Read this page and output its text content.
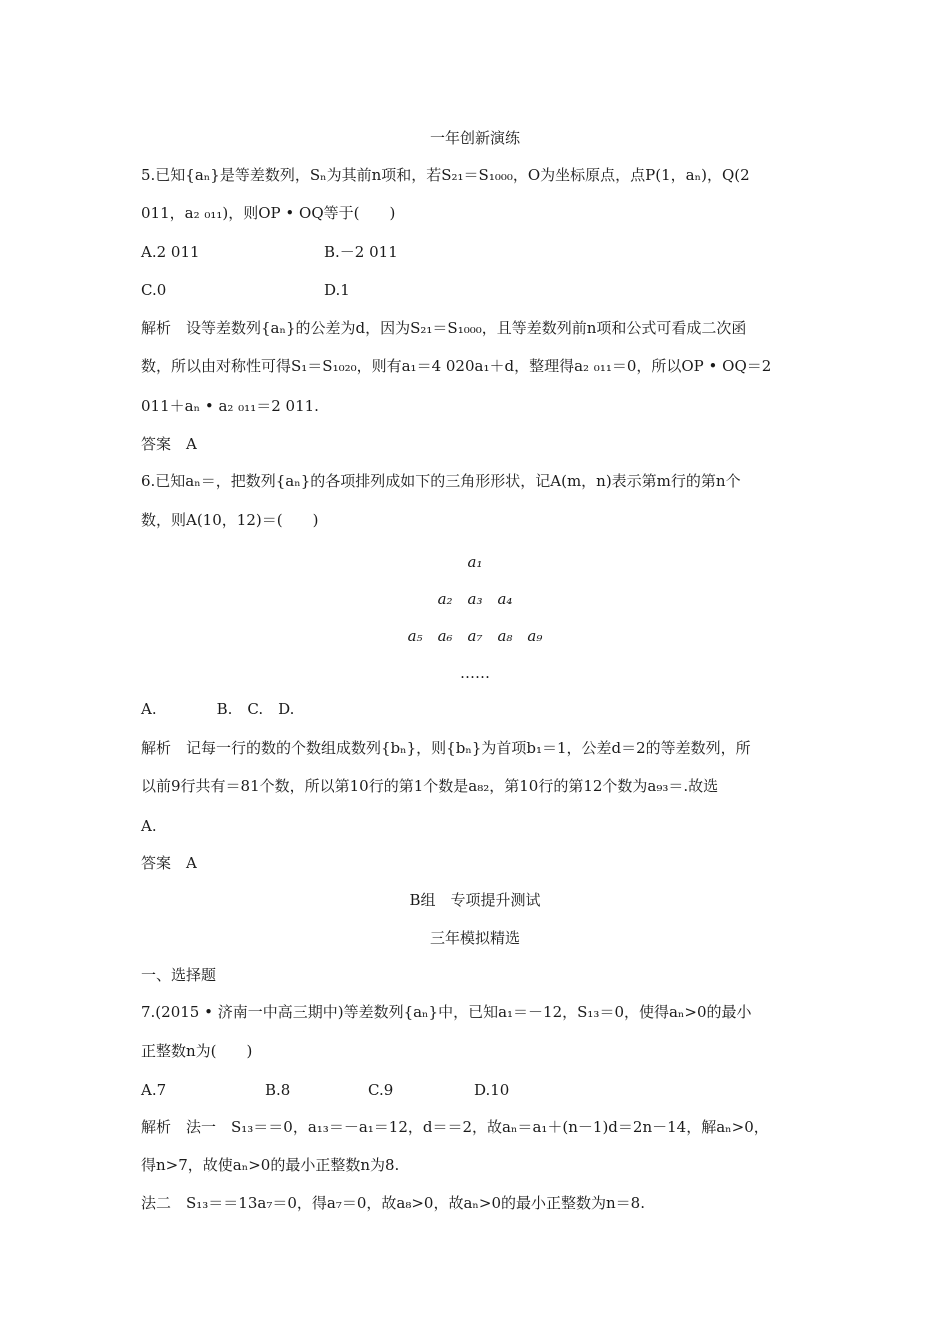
一年创新演练
5.已知{aₙ}是等差数列，Sₙ为其前n项和，若S₂₁＝S₁₀₀₀，O为坐标原点，点P(1，aₙ)，Q(2
011，a₂ ₀₁₁)，则OP • OQ等于(　　)
A.2 011	B.－2 011
C.0	D.1
解析　设等差数列{aₙ}的公差为d，因为S₂₁＝S₁₀₀₀，且等差数列前n项和公式可看成二次函
数，所以由对称性可得S₁＝S₁₀₂₀，则有a₁＝4 020a₁＋d，整理得a₂ ₀₁₁＝0，所以OP • OQ＝2
011＋aₙ • a₂ ₀₁₁＝2 011.
答案　A
6.已知aₙ＝，把数列{aₙ}的各项排列成如下的三角形形状，记A(m，n)表示第m行的第n个
数，则A(10，12)＝(　　)
a₁
a₂　a₃　a₄
a₅　a₆　a₇　a₈　a₉
……
A.　　　　B.　C.　D.
解析　记每一行的数的个数组成数列{bₙ}，则{bₙ}为首项b₁＝1，公差d＝2的等差数列，所
以前9行共有＝81个数，所以第10行的第1个数是a₈₂，第10行的第12个数为a₉₃＝.故选
A.
答案　A
B组　专项提升测试
三年模拟精选
一、选择题
7.(2015 • 济南一中高三期中)等差数列{aₙ}中，已知a₁＝－12，S₁₃＝0，使得aₙ>0的最小
正整数n为(　　)
A.7	B.8	C.9	D.10
解析　法一　S₁₃＝＝0，a₁₃＝－a₁＝12，d＝＝2，故aₙ＝a₁＋(n－1)d＝2n－14，解aₙ>0，
得n>7，故使aₙ>0的最小正整数n为8.
法二　S₁₃＝＝13a₇＝0，得a₇＝0，故a₈>0，故aₙ>0的最小正整数为n＝8.
